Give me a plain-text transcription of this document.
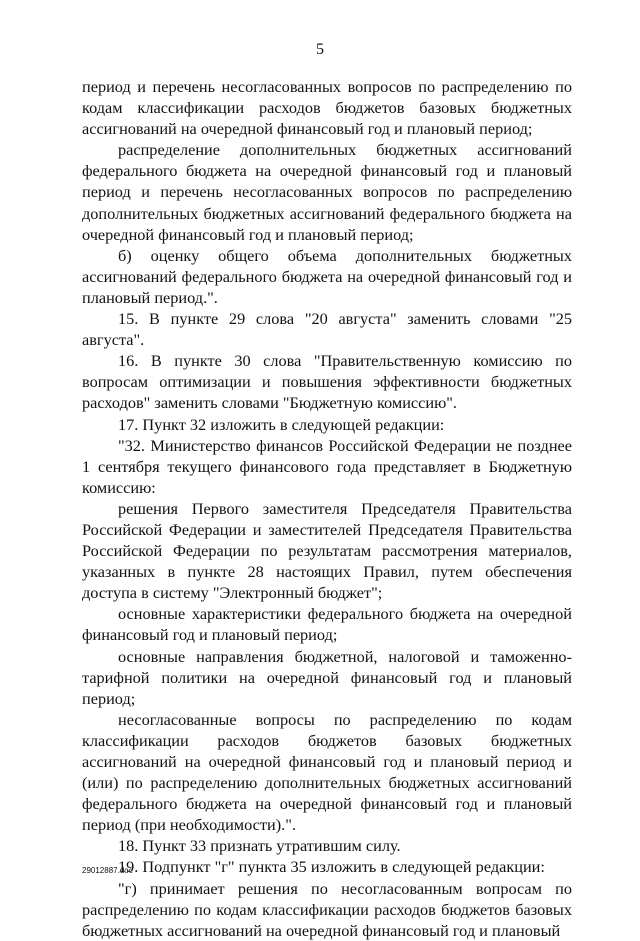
5

период и перечень несогласованных вопросов по распределению по кодам классификации расходов бюджетов базовых бюджетных ассигнований на очередной финансовый год и плановый период;

распределение дополнительных бюджетных ассигнований федерального бюджета на очередной финансовый год и плановый период и перечень несогласованных вопросов по распределению дополнительных бюджетных ассигнований федерального бюджета на очередной финансовый год и плановый период;

б) оценку общего объема дополнительных бюджетных ассигнований федерального бюджета на очередной финансовый год и плановый период.".

15. В пункте 29 слова "20 августа" заменить словами "25 августа".

16. В пункте 30 слова "Правительственную комиссию по вопросам оптимизации и повышения эффективности бюджетных расходов" заменить словами "Бюджетную комиссию".

17. Пункт 32 изложить в следующей редакции:

"32. Министерство финансов Российской Федерации не позднее 1 сентября текущего финансового года представляет в Бюджетную комиссию:

решения Первого заместителя Председателя Правительства Российской Федерации и заместителей Председателя Правительства Российской Федерации по результатам рассмотрения материалов, указанных в пункте 28 настоящих Правил, путем обеспечения доступа в систему "Электронный бюджет";

основные характеристики федерального бюджета на очередной финансовый год и плановый период;

основные направления бюджетной, налоговой и таможенно-тарифной политики на очередной финансовый год и плановый период;

несогласованные вопросы по распределению по кодам классификации расходов бюджетов базовых бюджетных ассигнований на очередной финансовый год и плановый период и (или) по распределению дополнительных бюджетных ассигнований федерального бюджета на очередной финансовый год и плановый период (при необходимости).".

18. Пункт 33 признать утратившим силу.

19. Подпункт "г" пункта 35 изложить в следующей редакции:

"г) принимает решения по несогласованным вопросам по распределению по кодам классификации расходов бюджетов базовых бюджетных ассигнований на очередной финансовый год и плановый

29012887.doc
